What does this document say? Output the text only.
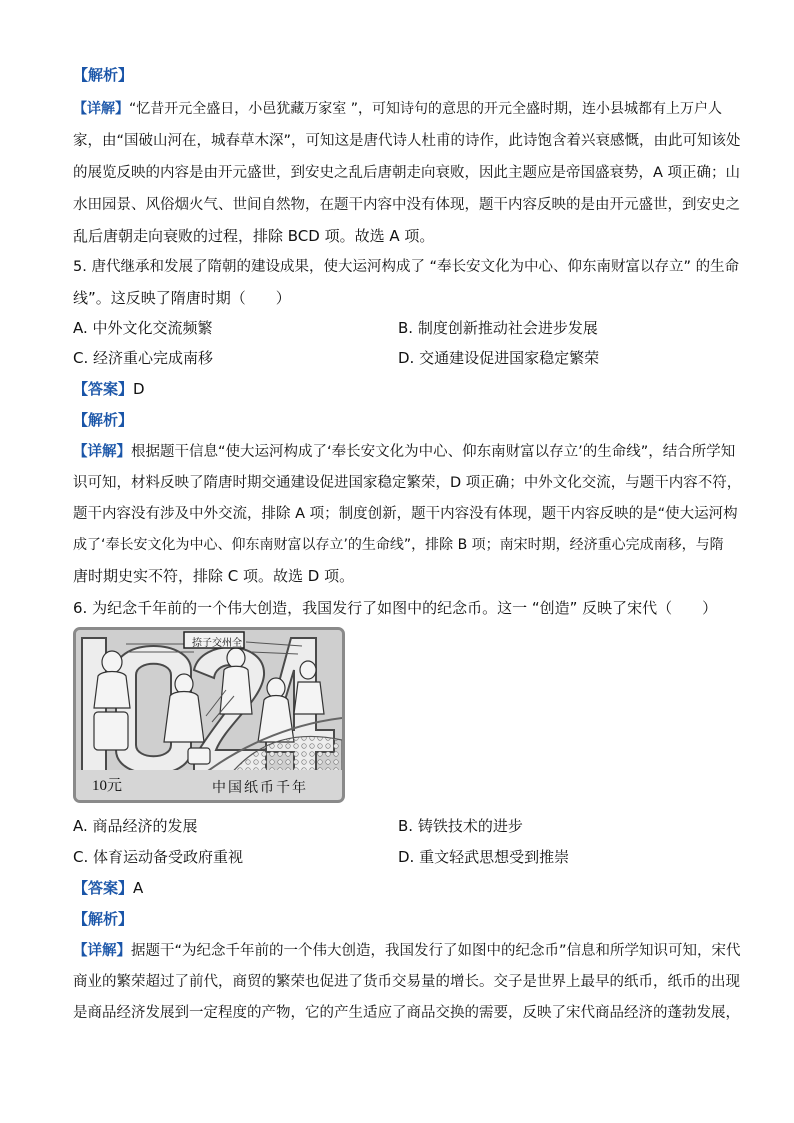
【解析】
【详解】“忆昔开元全盛日，小邑犹藏万家室 ”，可知诗句的意思的开元全盛时期，连小县城都有上万户人
家，由“国破山河在，城春草木深”，可知这是唐代诗人杜甫的诗作，此诗饱含着兴衰感慨，由此可知该处
的展览反映的内容是由开元盛世，到安史之乱后唐朝走向衰败，因此主题应是帝国盛衰势，A 项正确；山
水田园景、风俗烟火气、世间自然物，在题干内容中没有体现，题干内容反映的是由开元盛世，到安史之
乱后唐朝走向衰败的过程，排除 BCD 项。故选 A 项。
5. 唐代继承和发展了隋朝的建设成果，使大运河构成了 “奉长安文化为中心、仰东南财富以存立” 的生命
线”。这反映了隋唐时期（　　）
A. 中外文化交流频繁	B. 制度创新推动社会进步发展
C. 经济重心完成南移	D. 交通建设促进国家稳定繁荣
【答案】D
【解析】
【详解】根据题干信息“使大运河构成了‘奉长安文化为中心、仰东南财富以存立’的生命线”，结合所学知
识可知，材料反映了隋唐时期交通建设促进国家稳定繁荣，D 项正确；中外文化交流，与题干内容不符，
题干内容没有涉及中外交流，排除 A 项；制度创新，题干内容没有体现，题干内容反映的是“使大运河构
成了‘奉长安文化为中心、仰东南财富以存立’的生命线”，排除 B 项；南宋时期，经济重心完成南移，与隋
唐时期史实不符，排除 C 项。故选 D 项。
6. 为纪念千年前的一个伟大创造，我国发行了如图中的纪念币。这一 “创造” 反映了宋代（　　）
捺子交州全
10元	中国纸币千年
A. 商品经济的发展	B. 铸铁技术的进步
C. 体育运动备受政府重视	D. 重文轻武思想受到推崇
【答案】A
【解析】
【详解】据题干“为纪念千年前的一个伟大创造，我国发行了如图中的纪念币”信息和所学知识可知，宋代
商业的繁荣超过了前代，商贸的繁荣也促进了货币交易量的增长。交子是世界上最早的纸币，纸币的出现
是商品经济发展到一定程度的产物，它的产生适应了商品交换的需要，反映了宋代商品经济的蓬勃发展，
